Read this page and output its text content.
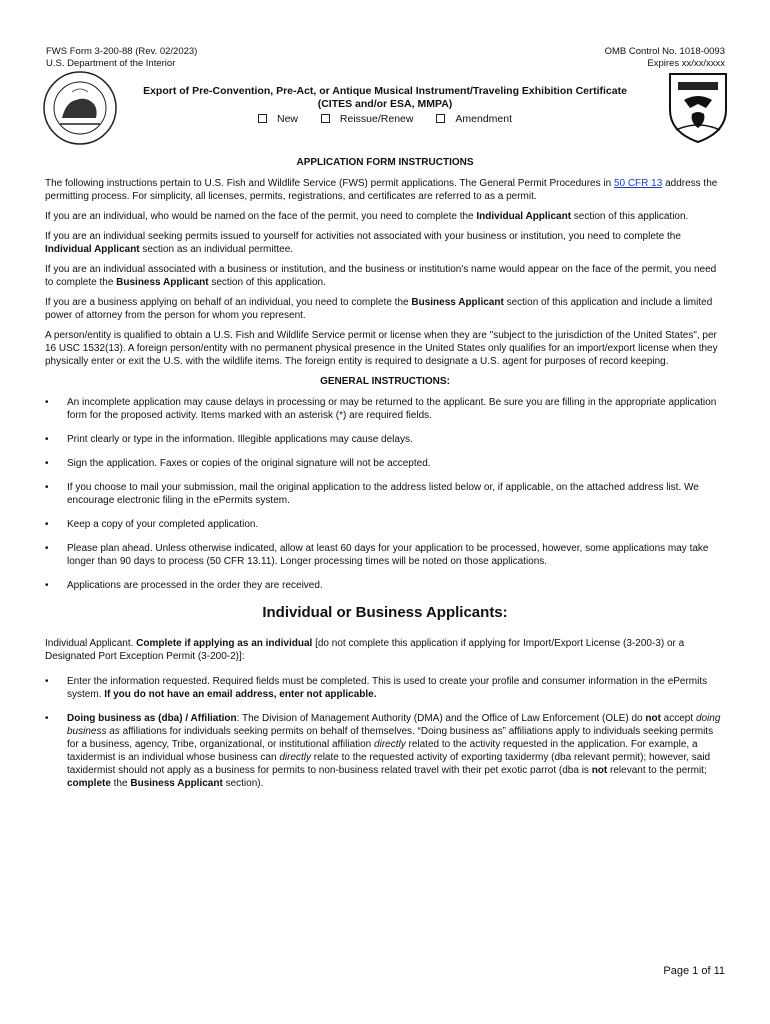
FWS Form 3-200-88 (Rev. 02/2023)
U.S. Department of the Interior
OMB Control No. 1018-0093
Expires xx/xx/xxxx
Export of Pre-Convention, Pre-Act, or Antique Musical Instrument/Traveling Exhibition Certificate
(CITES and/or ESA, MMPA)
New	Reissue/Renew	Amendment
APPLICATION FORM INSTRUCTIONS

The following instructions pertain to U.S. Fish and Wildlife Service (FWS) permit applications. The General Permit Procedures in 50 CFR 13 address the permitting process. For simplicity, all licenses, permits, registrations, and certificates are referred to as a permit.

If you are an individual, who would be named on the face of the permit, you need to complete the Individual Applicant section of this application.

If you are an individual seeking permits issued to yourself for activities not associated with your business or institution, you need to complete the Individual Applicant section as an individual permittee.

If you are an individual associated with a business or institution, and the business or institution's name would appear on the face of the permit, you need to complete the Business Applicant section of this application.

If you are a business applying on behalf of an individual, you need to complete the Business Applicant section of this application and include a limited power of attorney from the person for whom you represent.

A person/entity is qualified to obtain a U.S. Fish and Wildlife Service permit or license when they are "subject to the jurisdiction of the United States", per 16 USC 1532(13). A foreign person/entity with no permanent physical presence in the United States only qualifies for an import/export license when they physically enter or exit the U.S. with the wildlife items. The foreign entity is required to designate a U.S. agent for purposes of record keeping.

GENERAL INSTRUCTIONS:
• An incomplete application may cause delays in processing or may be returned to the applicant. Be sure you are filling in the appropriate application form for the proposed activity. Items marked with an asterisk (*) are required fields.
• Print clearly or type in the information. Illegible applications may cause delays.
• Sign the application. Faxes or copies of the original signature will not be accepted.
• If you choose to mail your submission, mail the original application to the address listed below or, if applicable, on the attached address list. We encourage electronic filing in the ePermits system.
• Keep a copy of your completed application.
• Please plan ahead. Unless otherwise indicated, allow at least 60 days for your application to be processed, however, some applications may take longer than 90 days to process (50 CFR 13.11). Longer processing times will be noted on those applications.
• Applications are processed in the order they are received.
Individual or Business Applicants:

Individual Applicant. Complete if applying as an individual [do not complete this application if applying for Import/Export License (3-200-3) or a Designated Port Exception Permit (3-200-2)]:

• Enter the information requested. Required fields must be completed. This is used to create your profile and consumer information in the ePermits system. If you do not have an email address, enter not applicable.
• Doing business as (dba) / Affiliation: The Division of Management Authority (DMA) and the Office of Law Enforcement (OLE) do not accept doing business as affiliations for individuals seeking permits on behalf of themselves. “Doing business as” affiliations apply to individuals seeking permits for a business, agency, Tribe, organizational, or institutional affiliation directly related to the activity requested in the application. For example, a taxidermist is an individual whose business can directly relate to the requested activity of exporting taxidermy (dba relevant permit); however, said taxidermist should not apply as a business for permits to non-business related travel with their pet exotic parrot (dba is not relevant to the permit; complete the Business Applicant section).
Page 1 of 11
